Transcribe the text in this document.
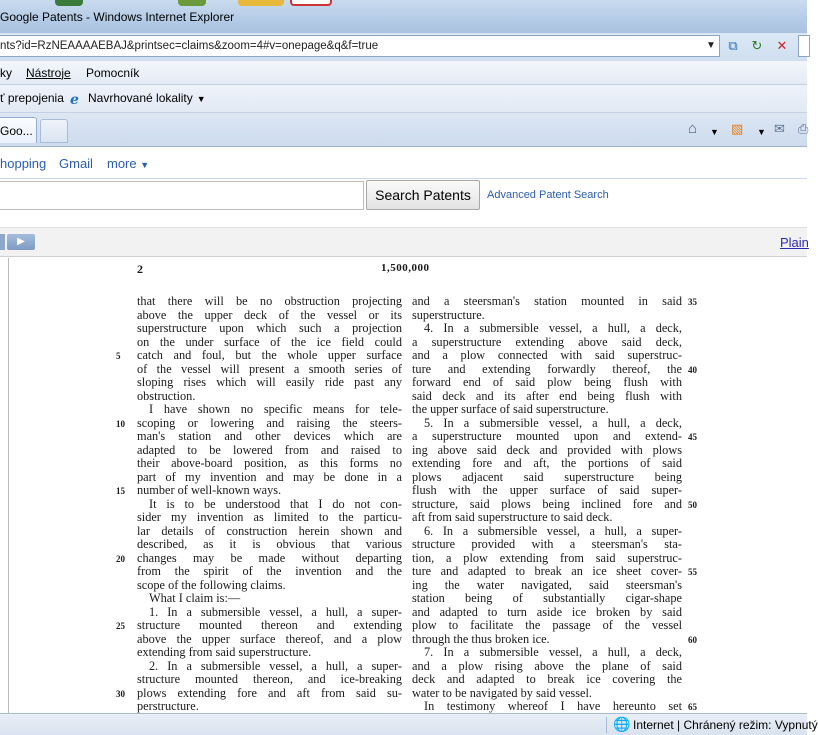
Google Patents - Windows Internet Explorer
nts?id=RzNEAAAAEBAJ&printsec=claims&zoom=4#v=onepage&q&f=true	▼ ⧉	↻	✕
ky Nástroje Pomocník
ť prepojenia e Navrhované lokality ▼
Goo...	⌂ ▼ ▧ ▼ ✉ ⎙
hopping Gmail more ▼
Search Patents	Advanced Patent Search
▶	Plain
2	1,500,000
that there will be no obstruction projecting
above the upper deck of the vessel or its
superstructure upon which such a projection
on the under surface of the ice field could
catch and foul, but the whole upper surface
of the vessel will present a smooth series of
sloping rises which will easily ride past any
obstruction.
I have shown no specific means for tele-
scoping or lowering and raising the steers-
man's station and other devices which are
adapted to be lowered from and raised to
their above-board position, as this forms no
part of my invention and may be done in a
number of well-known ways.
It is to be understood that I do not con-
sider my invention as limited to the particu-
lar details of construction herein shown and
described, as it is obvious that various
changes may be made without departing
from the spirit of the invention and the
scope of the following claims.
What I claim is:—
1. In a submersible vessel, a hull, a super-
structure mounted thereon and extending
above the upper surface thereof, and a plow
extending from said superstructure.
2. In a submersible vessel, a hull, a super-
structure mounted thereon, and ice-breaking
plows extending fore and aft from said su-
perstructure.
and a steersman's station mounted in said
superstructure.
4. In a submersible vessel, a hull, a deck,
a superstructure extending above said deck,
and a plow connected with said superstruc-
ture and extending forwardly thereof, the
forward end of said plow being flush with
said deck and its after end being flush with
the upper surface of said superstructure.
5. In a submersible vessel, a hull, a deck,
a superstructure mounted upon and extend-
ing above said deck and provided with plows
extending fore and aft, the portions of said
plows adjacent said superstructure being
flush with the upper surface of said super-
structure, said plows being inclined fore and
aft from said superstructure to said deck.
6. In a submersible vessel, a hull, a super-
structure provided with a steersman's sta-
tion, a plow extending from said superstruc-
ture and adapted to break an ice sheet cover-
ing the water navigated, said steersman's
station being of substantially cigar-shape
and adapted to turn aside ice broken by said
plow to facilitate the passage of the vessel
through the thus broken ice.
7. In a submersible vessel, a hull, a deck,
and a plow rising above the plane of said
deck and adapted to break ice covering the
water to be navigated by said vessel.
In testimony whereof I have hereunto set
5
10
15
20
25
30
35
40
45
50
55
60
65
🌐 Internet | Chránený režim: Vypnutý
